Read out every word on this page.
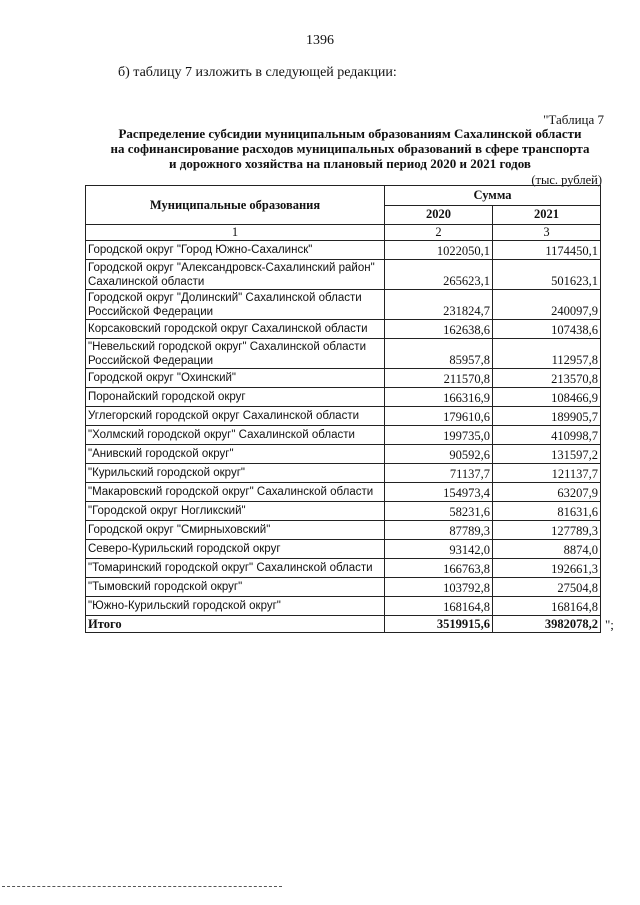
1396
б) таблицу 7 изложить в следующей редакции:
"Таблица 7
Распределение субсидии муниципальным образованиям Сахалинской области
на софинансирование расходов муниципальных образований в сфере транспорта
и дорожного хозяйства на плановый период 2020 и 2021 годов
(тыс. рублей)
Муниципальные образования	Сумма	
	2020	2021
1	2	3
Городской округ "Город Южно-Сахалинск"	1022050,1	1174450,1
Городской округ "Александровск-Сахалинский район" Сахалинской области	265623,1	501623,1
Городской округ "Долинский" Сахалинской области Российской Федерации	231824,7	240097,9
Корсаковский городской округ Сахалинской области	162638,6	107438,6
"Невельский городской округ" Сахалинской области Российской Федерации	85957,8	112957,8
Городской округ "Охинский"	211570,8	213570,8
Поронайский городской округ	166316,9	108466,9
Углегорский городской округ Сахалинской области	179610,6	189905,7
"Холмский городской округ" Сахалинской области	199735,0	410998,7
"Анивский городской округ"	90592,6	131597,2
"Курильский городской округ"	71137,7	121137,7
"Макаровский городской округ" Сахалинской области	154973,4	63207,9
"Городской округ Ногликский"	58231,6	81631,6
Городской округ "Смирныховский"	87789,3	127789,3
Северо-Курильский городской округ	93142,0	8874,0
"Томаринский городской округ" Сахалинской области	166763,8	192661,3
"Тымовский городской округ"	103792,8	27504,8
"Южно-Курильский городской округ"	168164,8	168164,8
Итого	3519915,6	3982078,2 ";
